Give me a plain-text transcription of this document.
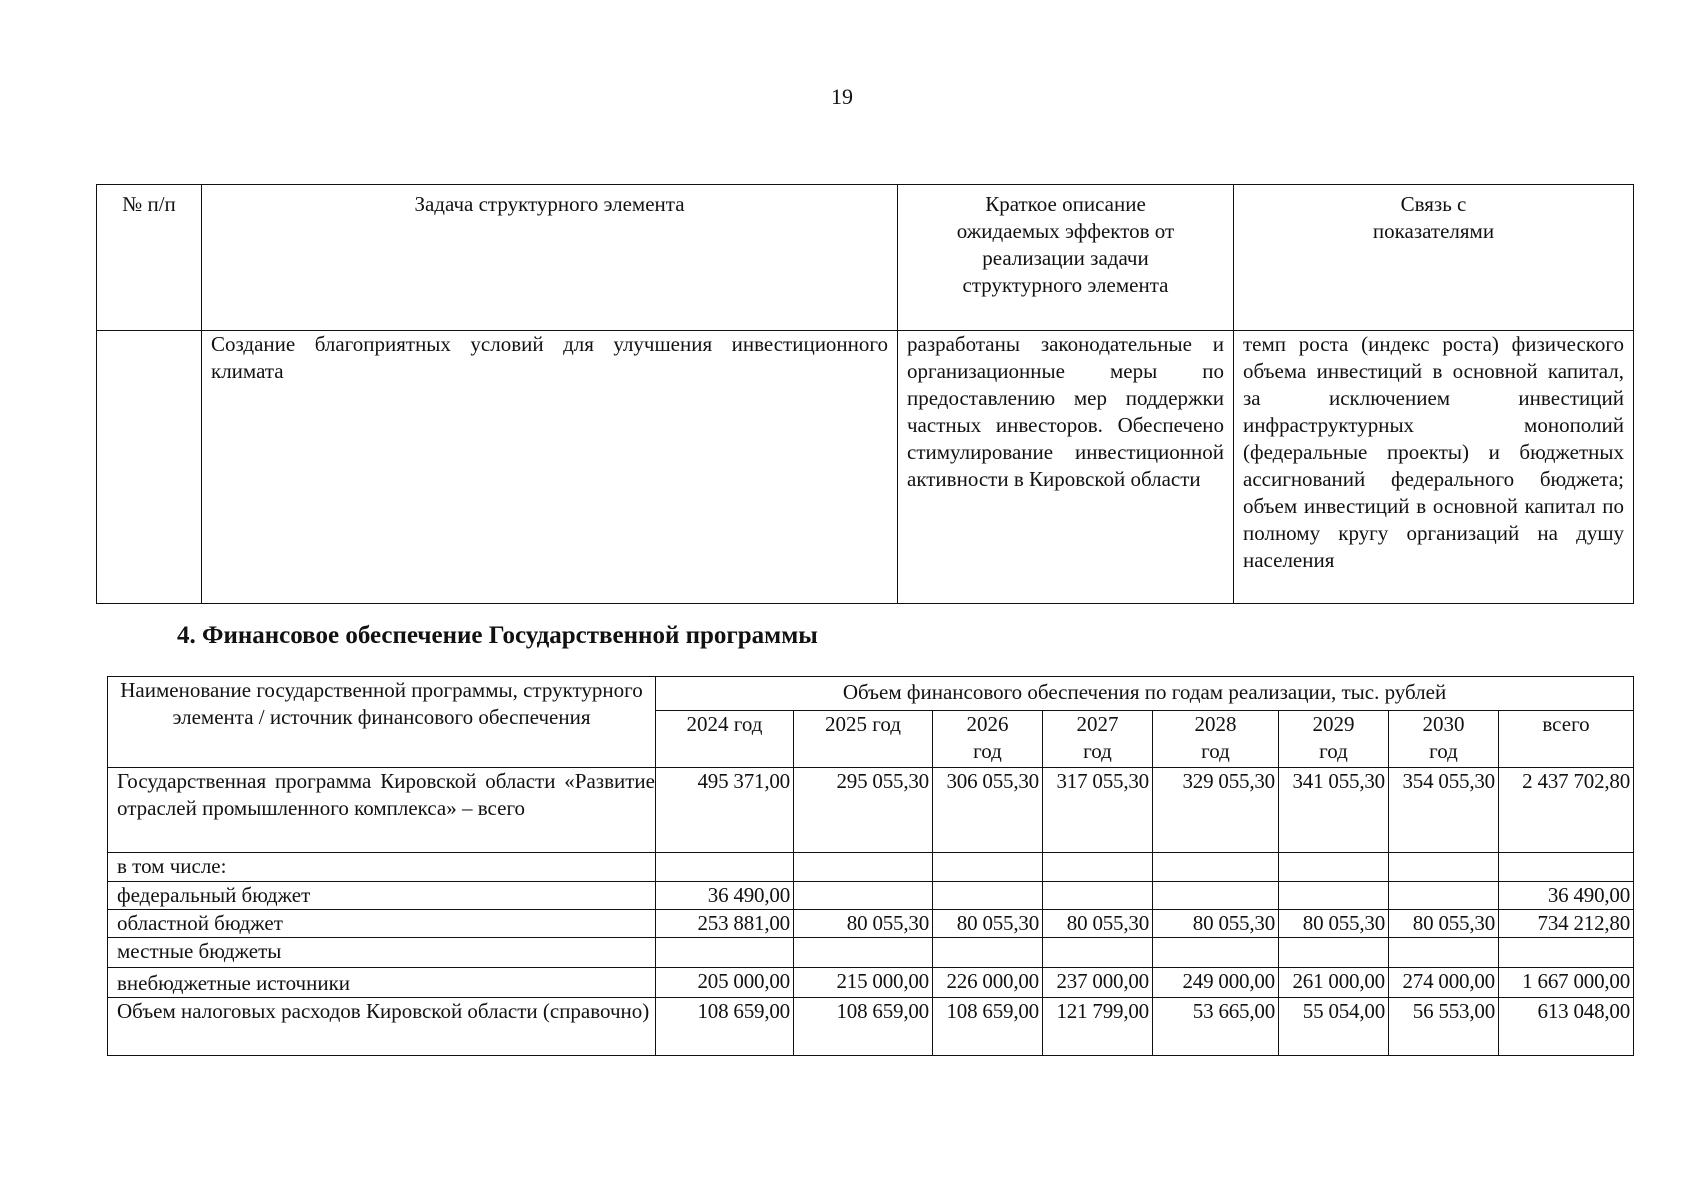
19
№ п/п	Задача структурного элемента	Краткое описание ожидаемых эффектов от реализации задачи структурного элемента	Связь с показателями
	Создание благоприятных условий для улучшения инвестиционного климата	разработаны законодательные и организационные меры по предоставлению мер поддержки частных инвесторов. Обеспечено стимулирование инвестиционной активности в Кировской области	темп роста (индекс роста) физического объема инвестиций в основной капитал, за исключением инвестиций инфраструктурных монополий (федеральные проекты) и бюджетных ассигнований федерального бюджета; объем инвестиций в основной капитал по полному кругу организаций на душу населения
4. Финансовое обеспечение Государственной программы
Наименование государственной программы, структурного элемента / источник финансового обеспечения	Объем финансового обеспечения по годам реализации, тыс. рублей							
	2024 год	2025 год	2026 год	2027 год	2028 год	2029 год	2030 год	всего
Государственная программа Кировской области «Развитие отраслей промышленного комплекса» – всего	495 371,00	295 055,30	306 055,30	317 055,30	329 055,30	341 055,30	354 055,30	2 437 702,80
в том числе:								
федеральный бюджет	36 490,00							36 490,00
областной бюджет	253 881,00	80 055,30	80 055,30	80 055,30	80 055,30	80 055,30	80 055,30	734 212,80
местные бюджеты								
внебюджетные источники	205 000,00	215 000,00	226 000,00	237 000,00	249 000,00	261 000,00	274 000,00	1 667 000,00
Объем налоговых расходов Кировской области (справочно)	108 659,00	108 659,00	108 659,00	121 799,00	53 665,00	55 054,00	56 553,00	613 048,00
